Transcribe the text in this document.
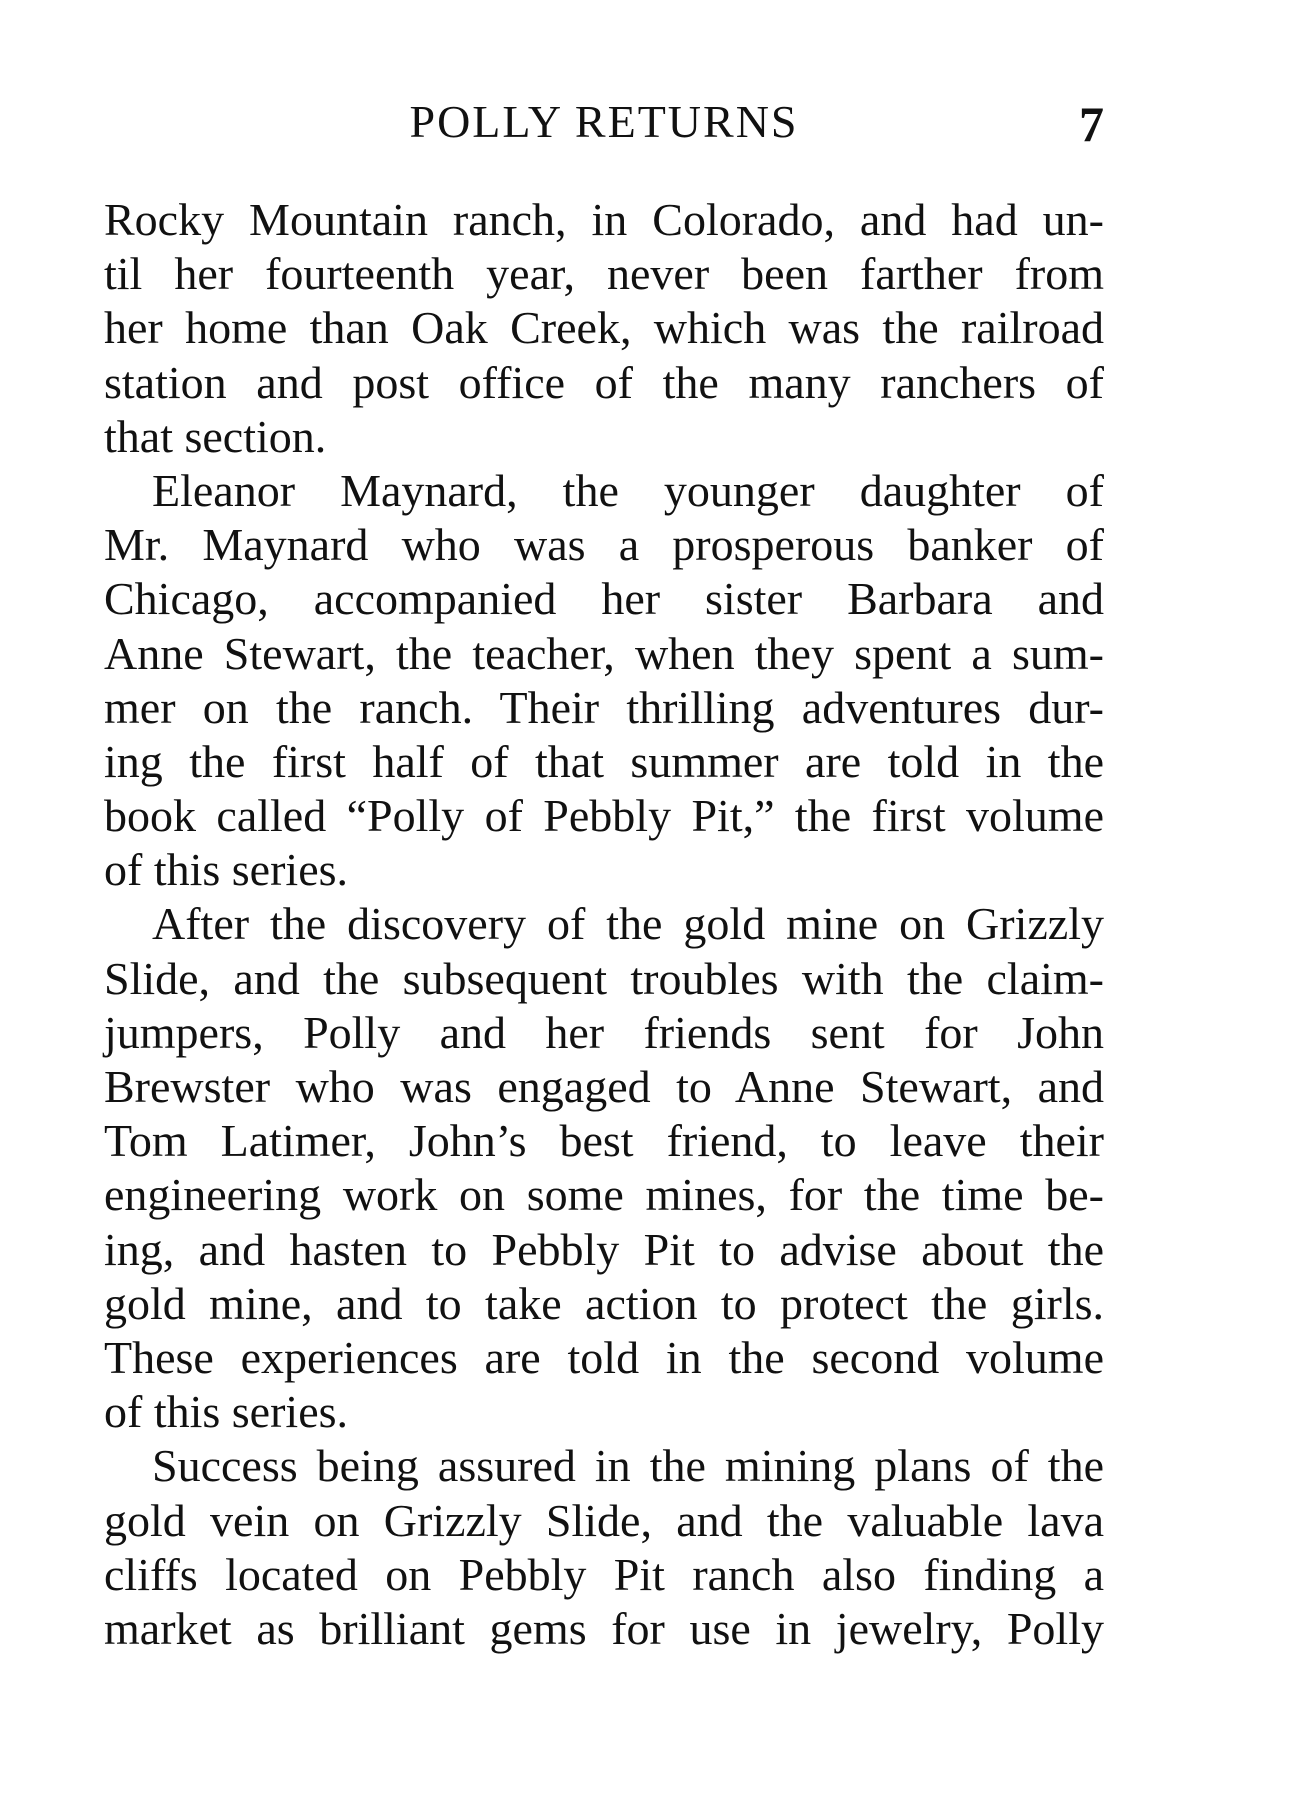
POLLY RETURNS	7
Rocky Mountain ranch, in Colorado, and had un-
til her fourteenth year, never been farther from
her home than Oak Creek, which was the railroad
station and post office of the many ranchers of
that section.
Eleanor Maynard, the younger daughter of
Mr. Maynard who was a prosperous banker of
Chicago, accompanied her sister Barbara and
Anne Stewart, the teacher, when they spent a sum-
mer on the ranch. Their thrilling adventures dur-
ing the first half of that summer are told in the
book called “Polly of Pebbly Pit,” the first volume
of this series.
After the discovery of the gold mine on Grizzly
Slide, and the subsequent troubles with the claim-
jumpers, Polly and her friends sent for John
Brewster who was engaged to Anne Stewart, and
Tom Latimer, John’s best friend, to leave their
engineering work on some mines, for the time be-
ing, and hasten to Pebbly Pit to advise about the
gold mine, and to take action to protect the girls.
These experiences are told in the second volume
of this series.
Success being assured in the mining plans of the
gold vein on Grizzly Slide, and the valuable lava
cliffs located on Pebbly Pit ranch also finding a
market as brilliant gems for use in jewelry, Polly
